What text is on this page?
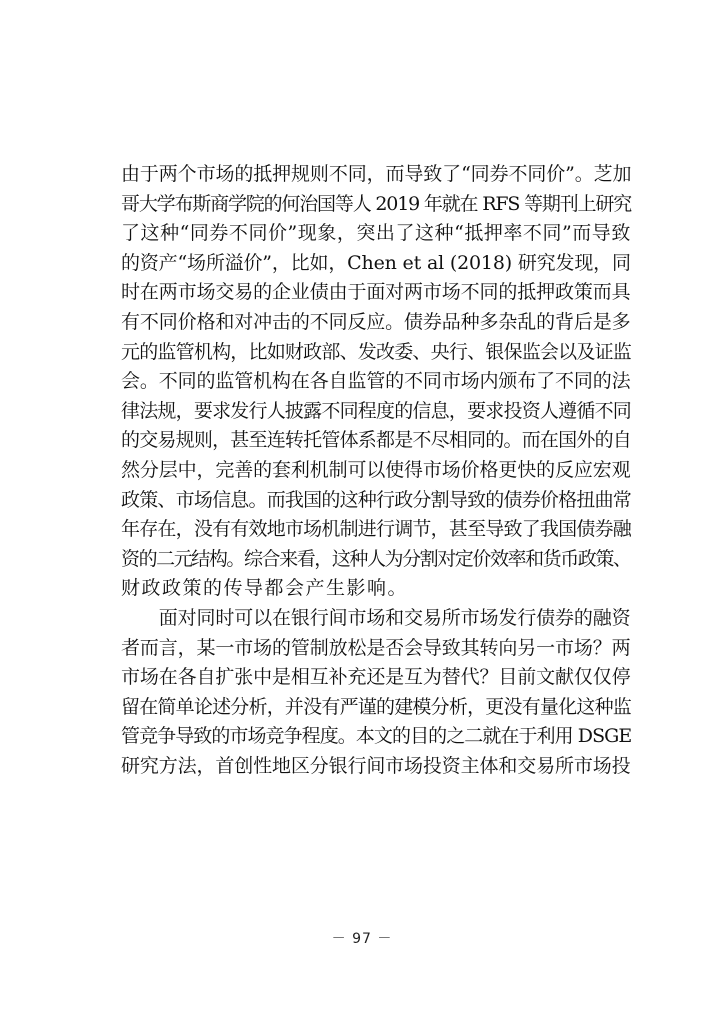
由于两个市场的抵押规则不同，而导致了“同券不同价”。芝加
哥大学布斯商学院的何治国等人 2019 年就在 RFS 等期刊上研究
了这种“同券不同价”现象，突出了这种“抵押率不同”而导致
的资产“场所溢价”，比如，Chen et al (2018) 研究发现，同
时在两市场交易的企业债由于面对两市场不同的抵押政策而具
有不同价格和对冲击的不同反应。债券品种多杂乱的背后是多
元的监管机构，比如财政部、发改委、央行、银保监会以及证监
会。不同的监管机构在各自监管的不同市场内颁布了不同的法
律法规，要求发行人披露不同程度的信息，要求投资人遵循不同
的交易规则，甚至连转托管体系都是不尽相同的。而在国外的自
然分层中，完善的套利机制可以使得市场价格更快的反应宏观
政策、市场信息。而我国的这种行政分割导致的债券价格扭曲常
年存在，没有有效地市场机制进行调节，甚至导致了我国债券融
资的二元结构。综合来看，这种人为分割对定价效率和货币政策、
财政政策的传导都会产生影响。
　　面对同时可以在银行间市场和交易所市场发行债券的融资
者而言，某一市场的管制放松是否会导致其转向另一市场？两
市场在各自扩张中是相互补充还是互为替代？目前文献仅仅停
留在简单论述分析，并没有严谨的建模分析，更没有量化这种监
管竞争导致的市场竞争程度。本文的目的之二就在于利用 DSGE
研究方法，首创性地区分银行间市场投资主体和交易所市场投
－ 97 －
